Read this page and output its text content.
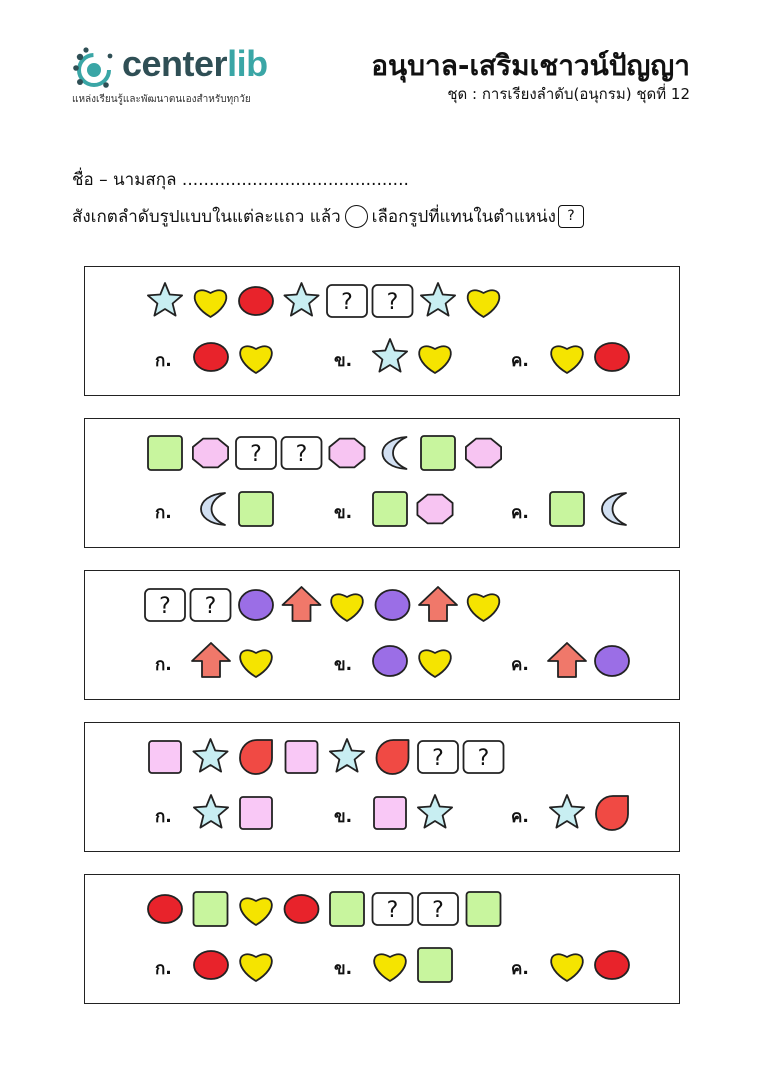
centerlib
แหล่งเรียนรู้และพัฒนาตนเองสำหรับทุกวัย
อนุบาล-เสริมเชาวน์ปัญญา
ชุด : การเรียงลำดับ(อนุกรม) ชุดที่ 12
ชื่อ – นามสกุล ..........................................
สังเกตลำดับรูปแบบในแต่ละแถว แล้ว เลือกรูปที่แทนในตำแหน่ง ?
? ?
ก.	ข.	ค.
? ?
ก.	ข.	ค.
? ?
ก.	ข.	ค.
? ?
ก.	ข.	ค.
? ?
ก.	ข.	ค.
